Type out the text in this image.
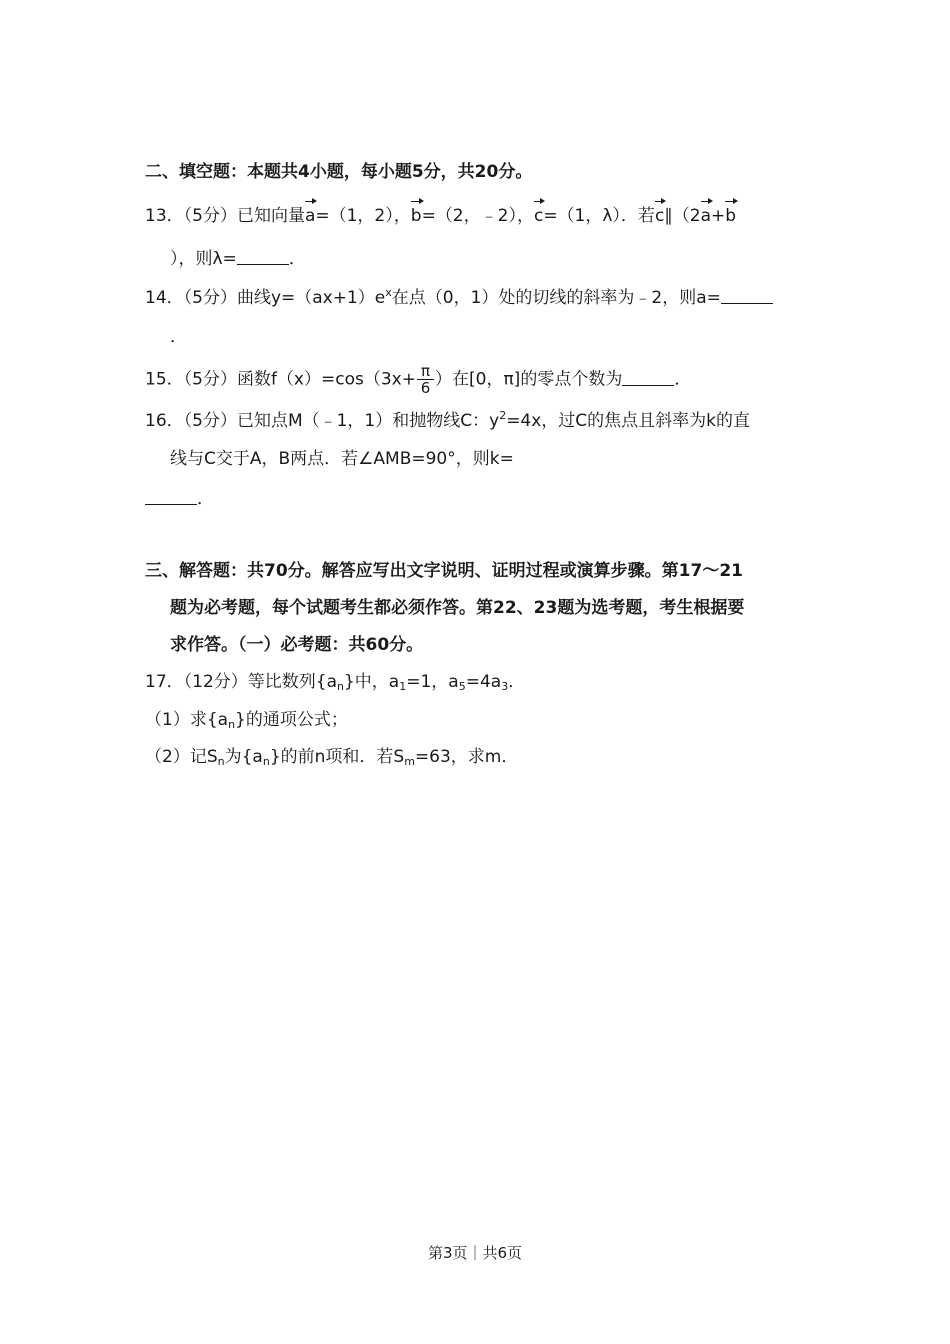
二、填空题：本题共4小题，每小题5分，共20分。
13．（5分）已知向量a=（1，2），b=（2，﹣2），c=（1，λ）．若c∥（2a+b
），则λ=	．
14．（5分）曲线$y=(ax+1)e^x$在点（0，1）处的切线的斜率为﹣2，则a=
．
15．（5分）函数$f(x)=\cos(3x+ \frac{\pi}{6}$ ）在[0，π]的零点个数为	．
16．（5分）已知点M（﹣1，1）和抛物线C：$y^2=4x$，过C的焦点且斜率为k的直
线与C交于A，B两点．若∠AMB=90°，则k=
．
三、解答题：共70分。解答应写出文字说明、证明过程或演算步骤。第17～21
题为必考题，每个试题考生都必须作答。第22、23题为选考题，考生根据要
求作答。（一）必考题：共60分。
17．（12分）等比数列$\{a_n\}$中，$a_1=1$，$a_5=4a_3$．
（1）求$\{a_n\}$的通项公式；
（2）记$S_n$为$\{a_n\}$的前n项和．若$S_m=63$，求m．
第3页｜共6页
